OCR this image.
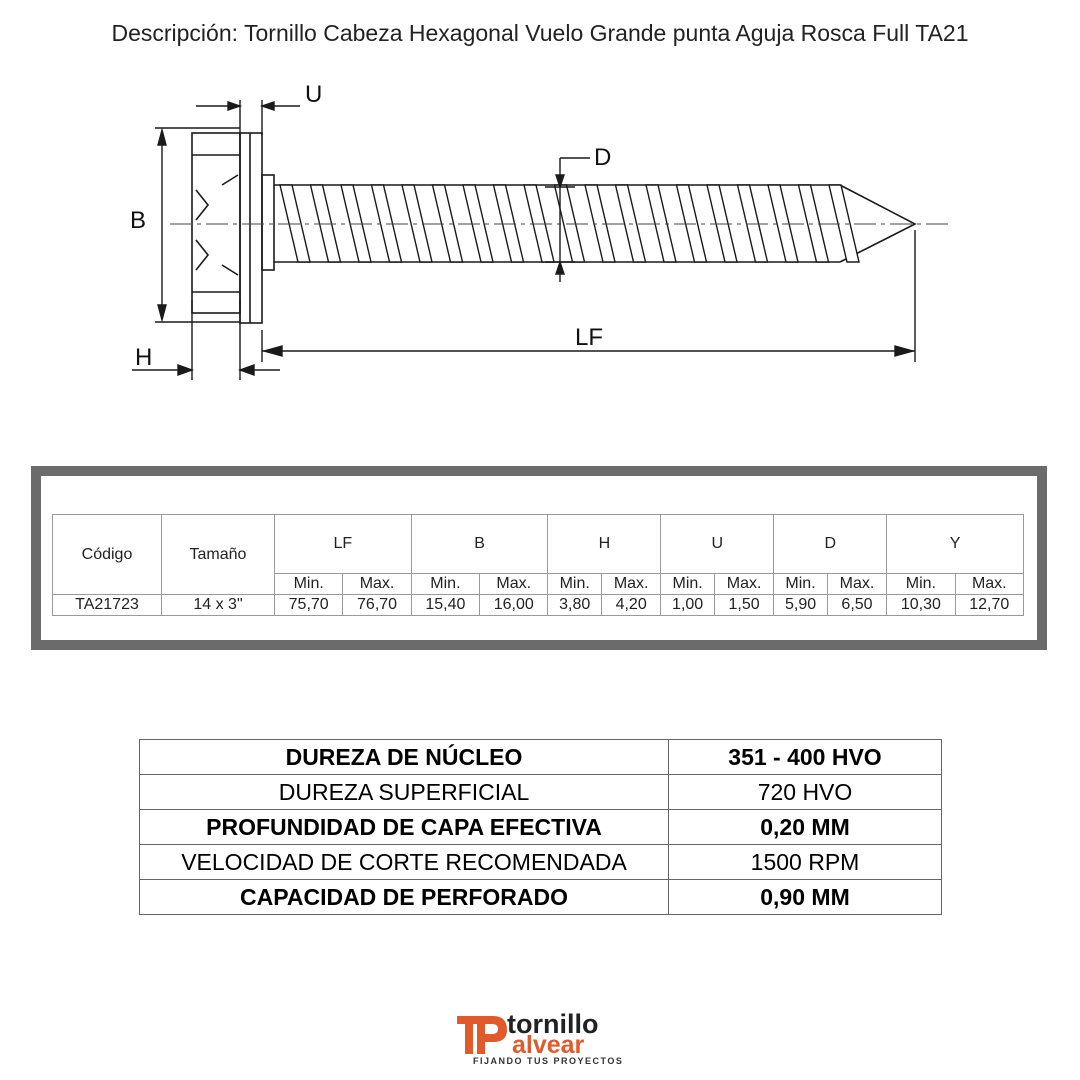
Descripción: Tornillo Cabeza Hexagonal Vuelo Grande punta Aguja Rosca Full TA21
U
D
B
LF
H
Código	Tamaño	LF		B		H		U		D		Y	
		Min.	Max.	Min.	Max.	Min.	Max.	Min.	Max.	Min.	Max.	Min.	Max.
TA21723	14 x 3"	75,70	76,70	15,40	16,00	3,80	4,20	1,00	1,50	5,90	6,50	10,30	12,70
DUREZA DE NÚCLEO	351 - 400 HVO
DUREZA SUPERFICIAL	720 HVO
PROFUNDIDAD DE CAPA EFECTIVA	0,20 MM
VELOCIDAD DE CORTE RECOMENDADA	1500 RPM
CAPACIDAD DE PERFORADO	0,90 MM
tornillo
alvear
FIJANDO TUS PROYECTOS
